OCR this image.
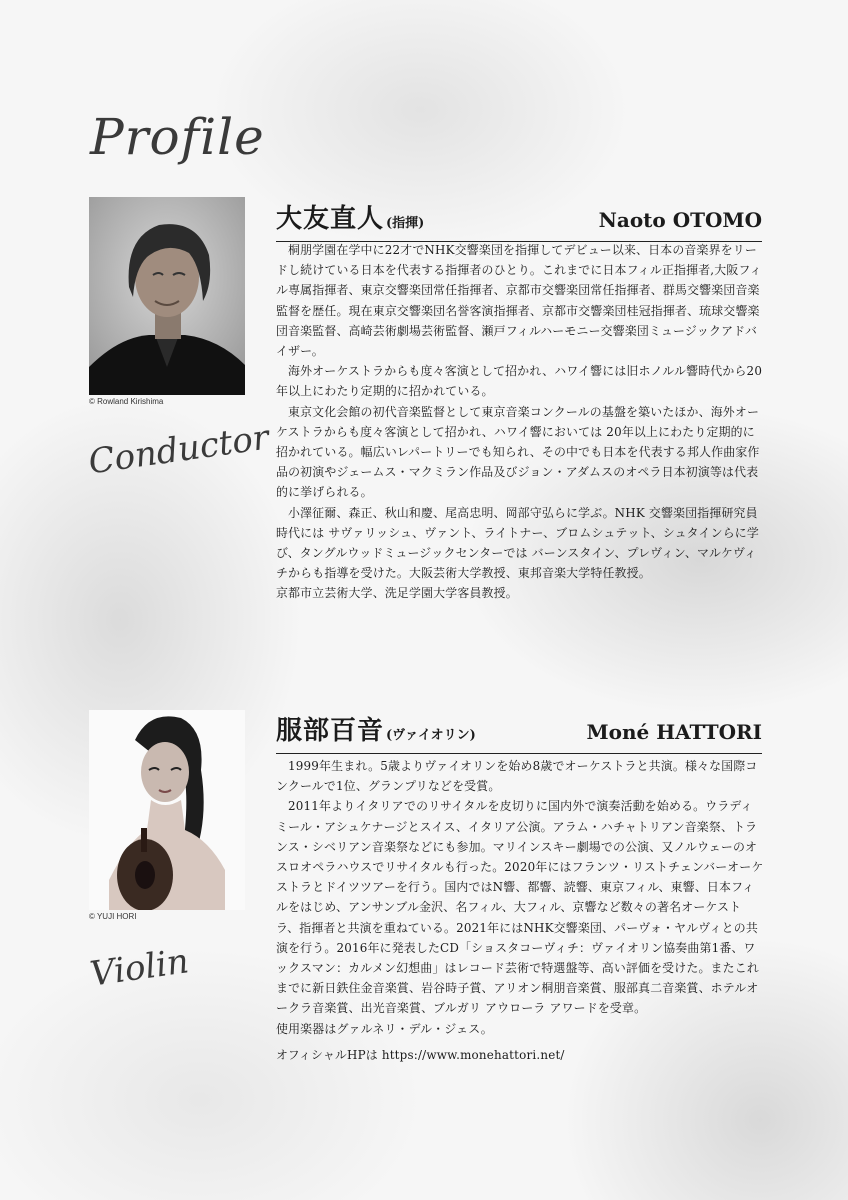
Profile
© Rowland Kirishima
Conductor
大友直人 (指揮)	Naoto OTOMO

桐朋学園在学中に22才でNHK交響楽団を指揮してデビュー以来、日本の音楽界をリードし続けている日本を代表する指揮者のひとり。これまでに日本フィル正指揮者,大阪フィル専属指揮者、東京交響楽団常任指揮者、京都市交響楽団常任指揮者、群馬交響楽団音楽監督を歴任。現在東京交響楽団名誉客演指揮者、京都市交響楽団桂冠指揮者、琉球交響楽団音楽監督、高崎芸術劇場芸術監督、瀬戸フィルハーモニー交響楽団ミュージックアドバイザー。

海外オーケストラからも度々客演として招かれ、ハワイ響には旧ホノルル響時代から20年以上にわたり定期的に招かれている。

東京文化会館の初代音楽監督として東京音楽コンクールの基盤を築いたほか、海外オーケストラからも度々客演として招かれ、ハワイ響においては 20年以上にわたり定期的に招かれている。幅広いレパートリーでも知られ、その中でも日本を代表する邦人作曲家作品の初演やジェームス・マクミラン作品及びジョン・アダムスのオペラ日本初演等は代表的に挙げられる。

小澤征爾、森正、秋山和慶、尾高忠明、岡部守弘らに学ぶ。NHK 交響楽団指揮研究員時代には サヴァリッシュ、ヴァント、ライトナー、ブロムシュテット、シュタインらに学び、タングルウッドミュージックセンターでは バーンスタイン、プレヴィン、マルケヴィチからも指導を受けた。大阪芸術大学教授、東邦音楽大学特任教授。

京都市立芸術大学、洗足学園大学客員教授。

© YUJI HORI
Violin
服部百音 (ヴァイオリン)	Moné HATTORI

1999年生まれ。5歳よりヴァイオリンを始め8歳でオーケストラと共演。様々な国際コンクールで1位、グランプリなどを受賞。

2011年よりイタリアでのリサイタルを皮切りに国内外で演奏活動を始める。ウラディミール・アシュケナージとスイス、イタリア公演。アラム・ハチャトリアン音楽祭、トランス・シベリアン音楽祭などにも参加。マリインスキー劇場での公演、又ノルウェーのオスロオペラハウスでリサイタルも行った。2020年にはフランツ・リストチェンバーオーケストラとドイツツアーを行う。国内ではN響、都響、読響、東京フィル、東響、日本フィルをはじめ、アンサンブル金沢、名フィル、大フィル、京響など数々の著名オーケストラ、指揮者と共演を重ねている。2021年にはNHK交響楽団、パーヴォ・ヤルヴィとの共演を行う。2016年に発表したCD「ショスタコーヴィチ：ヴァイオリン協奏曲第1番、ワックスマン：カルメン幻想曲」はレコード芸術で特選盤等、高い評価を受けた。またこれまでに新日鉄住金音楽賞、岩谷時子賞、アリオン桐朋音楽賞、服部真二音楽賞、ホテルオークラ音楽賞、出光音楽賞、ブルガリ アウローラ アワードを受章。

使用楽器はグァルネリ・デル・ジェス。

オフィシャルHPは https://www.monehattori.net/
